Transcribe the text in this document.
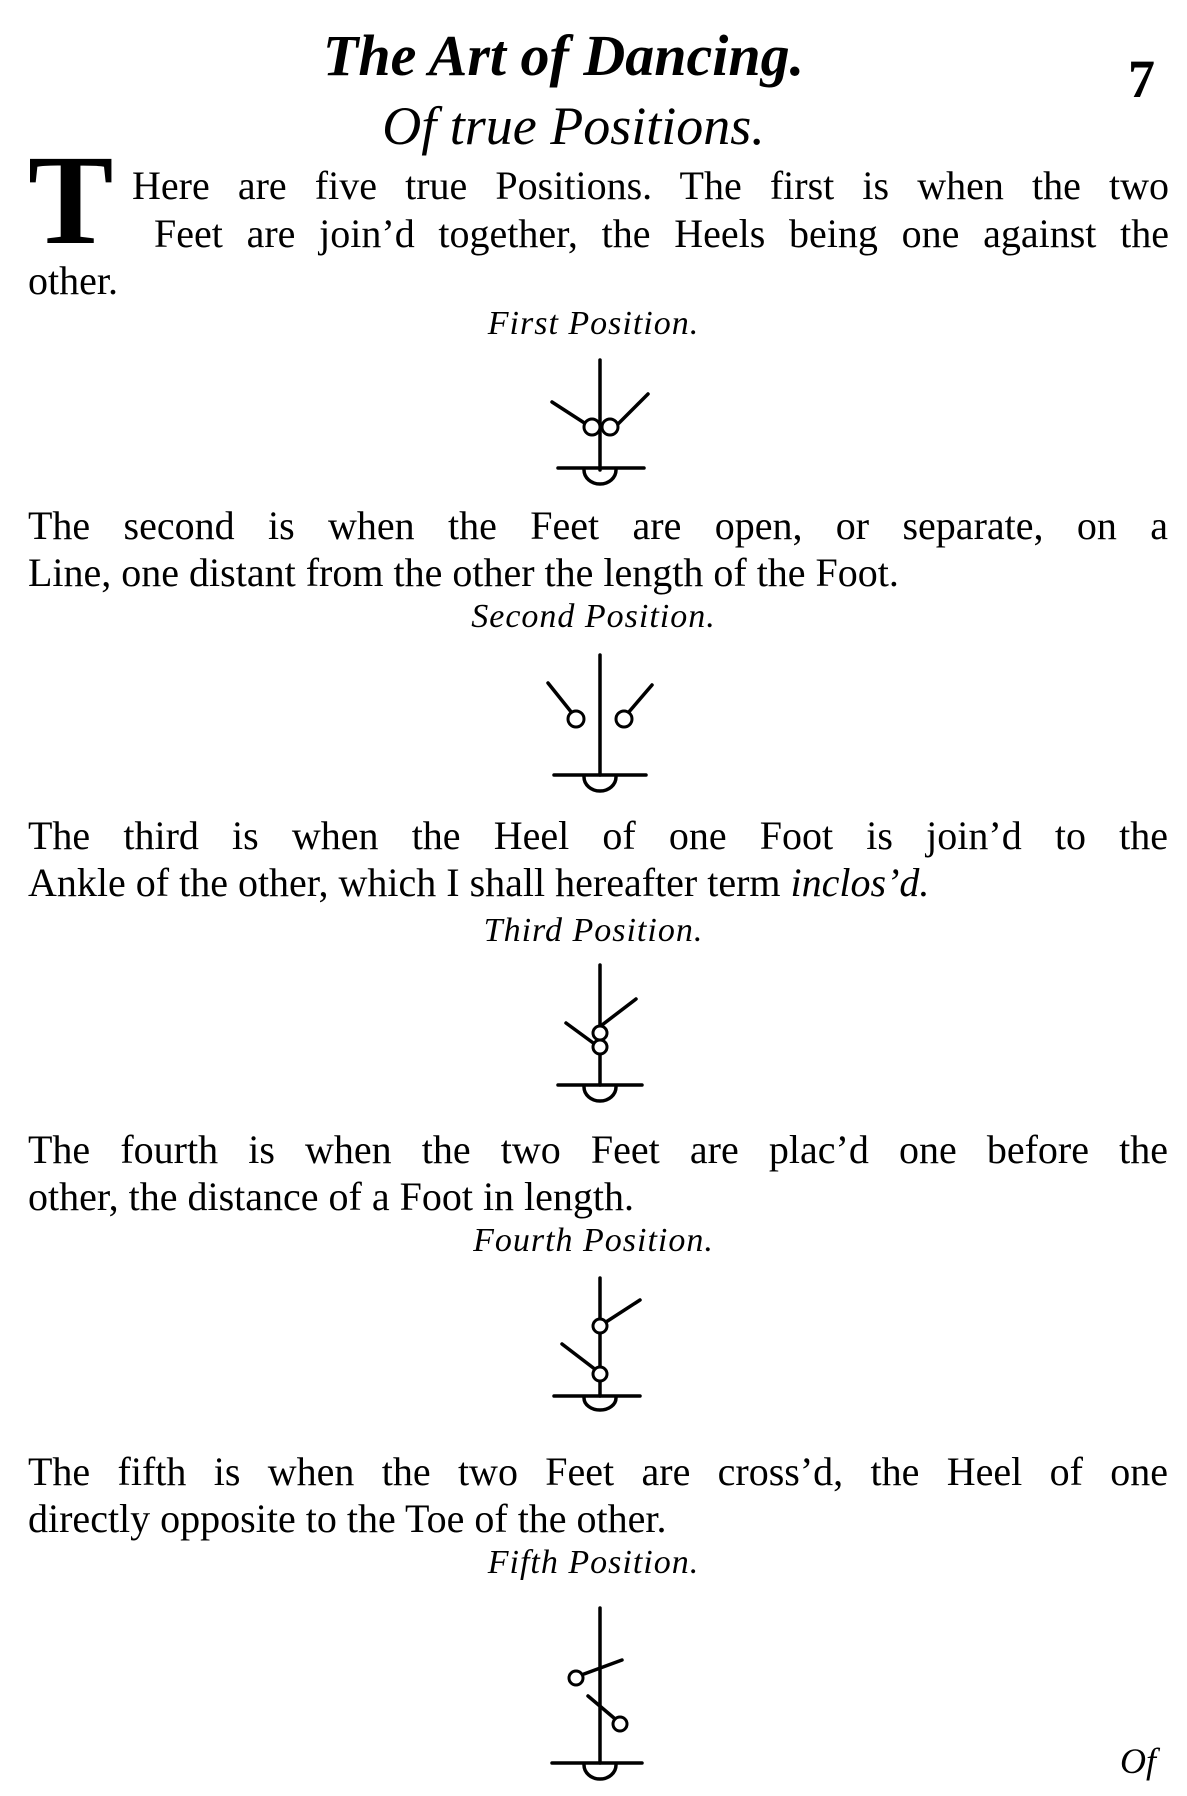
The Art of Dancing.	7
Of true Positions.
T Here are five true Positions. The first is when the two
Feet are join’d together, the Heels being one against the
other.
First Position.
The second is when the Feet are open, or separate, on a
Line, one distant from the other the length of the Foot.
Second Position.
The third is when the Heel of one Foot is join’d to the
Ankle of the other, which I shall hereafter term inclos’d.
Third Position.
The fourth is when the two Feet are plac’d one before the
other, the distance of a Foot in length.
Fourth Position.
The fifth is when the two Feet are cross’d, the Heel of one
directly opposite to the Toe of the other.
Fifth Position.
Of
